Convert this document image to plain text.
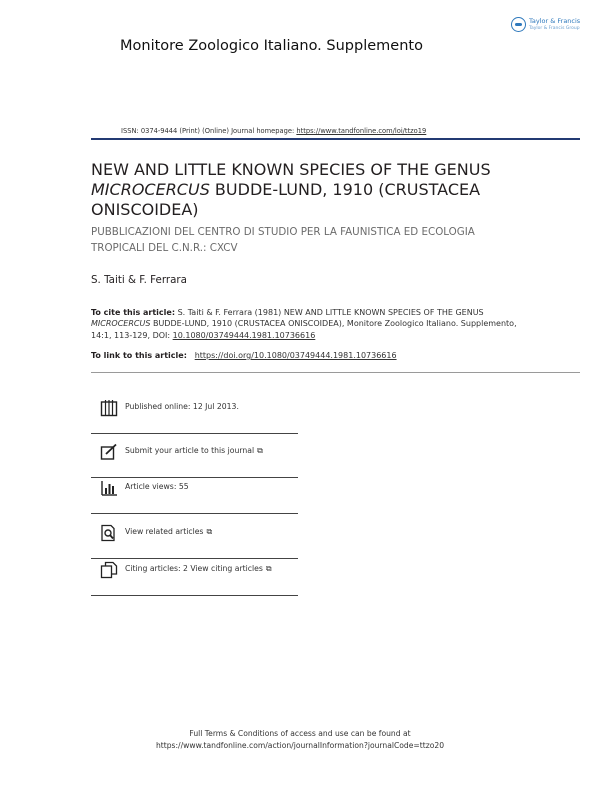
Monitore Zoologico Italiano. Supplemento
Taylor & Francis
Taylor & Francis Group
ISSN: 0374-9444 (Print) (Online) Journal homepage: https://www.tandfonline.com/loi/ttzo19
NEW AND LITTLE KNOWN SPECIES OF THE GENUS
MICROCERCUS BUDDE-LUND, 1910 (CRUSTACEA ONISCOIDEA)
PUBBLICAZIONI DEL CENTRO DI STUDIO PER LA FAUNISTICA ED ECOLOGIA TROPICALI DEL C.N.R.: CXCV
S. Taiti & F. Ferrara
To cite this article: S. Taiti & F. Ferrara (1981) NEW AND LITTLE KNOWN SPECIES OF THE GENUS MICROCERCUS BUDDE-LUND, 1910 (CRUSTACEA ONISCOIDEA), Monitore Zoologico Italiano. Supplemento, 14:1, 113-129, DOI: 10.1080/03749444.1981.10736616
To link to this article: https://doi.org/10.1080/03749444.1981.10736616
Published online: 12 Jul 2013.
Submit your article to this journal ⧉
Article views: 55
View related articles ⧉
Citing articles: 2 View citing articles ⧉
Full Terms & Conditions of access and use can be found at
https://www.tandfonline.com/action/journalInformation?journalCode=ttzo20
